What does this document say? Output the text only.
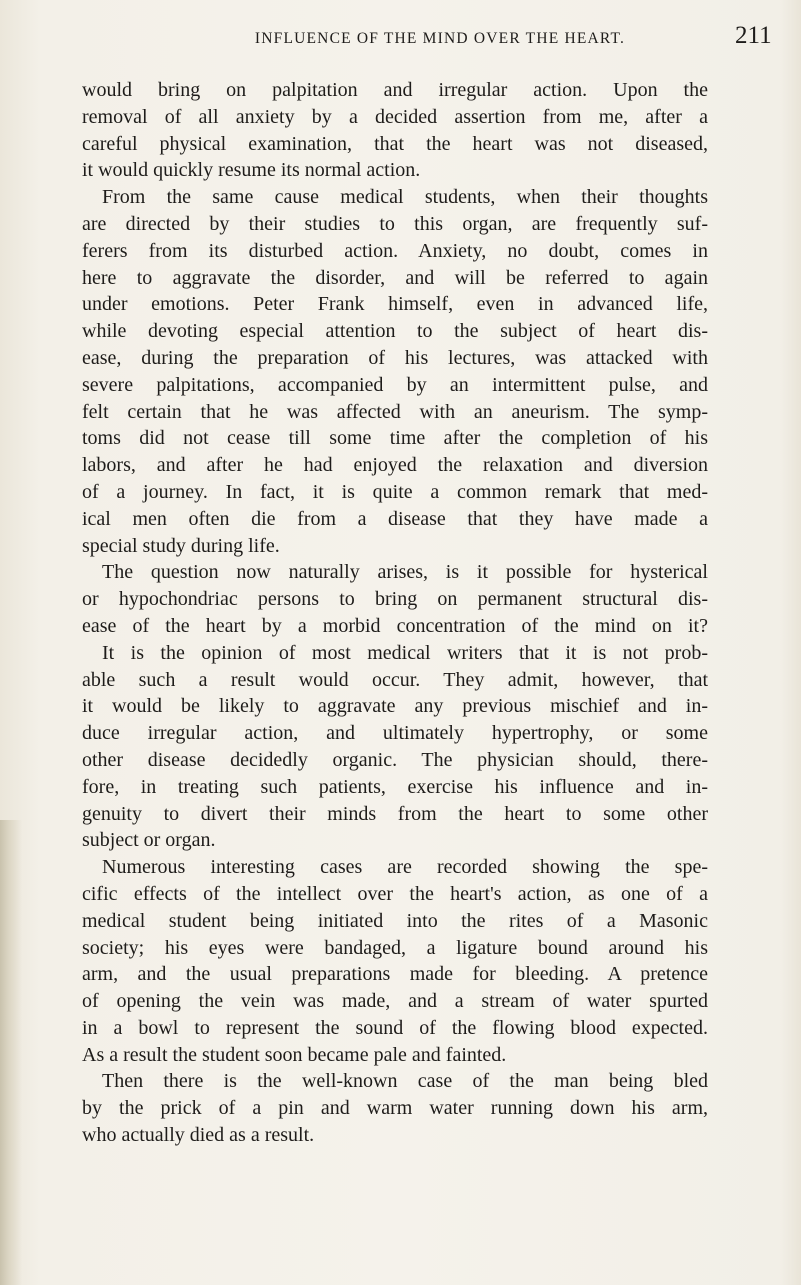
INFLUENCE OF THE MIND OVER THE HEART.	211
would bring on palpitation and irregular action. Upon the
removal of all anxiety by a decided assertion from me, after a
careful physical examination, that the heart was not diseased,
it would quickly resume its normal action.
From the same cause medical students, when their thoughts
are directed by their studies to this organ, are frequently suf-
ferers from its disturbed action. Anxiety, no doubt, comes in
here to aggravate the disorder, and will be referred to again
under emotions. Peter Frank himself, even in advanced life,
while devoting especial attention to the subject of heart dis-
ease, during the preparation of his lectures, was attacked with
severe palpitations, accompanied by an intermittent pulse, and
felt certain that he was affected with an aneurism. The symp-
toms did not cease till some time after the completion of his
labors, and after he had enjoyed the relaxation and diversion
of a journey. In fact, it is quite a common remark that med-
ical men often die from a disease that they have made a
special study during life.
The question now naturally arises, is it possible for hysterical
or hypochondriac persons to bring on permanent structural dis-
ease of the heart by a morbid concentration of the mind on it?
It is the opinion of most medical writers that it is not prob-
able such a result would occur. They admit, however, that
it would be likely to aggravate any previous mischief and in-
duce irregular action, and ultimately hypertrophy, or some
other disease decidedly organic. The physician should, there-
fore, in treating such patients, exercise his influence and in-
genuity to divert their minds from the heart to some other
subject or organ.
Numerous interesting cases are recorded showing the spe-
cific effects of the intellect over the heart's action, as one of a
medical student being initiated into the rites of a Masonic
society; his eyes were bandaged, a ligature bound around his
arm, and the usual preparations made for bleeding. A pretence
of opening the vein was made, and a stream of water spurted
in a bowl to represent the sound of the flowing blood expected.
As a result the student soon became pale and fainted.
Then there is the well-known case of the man being bled
by the prick of a pin and warm water running down his arm,
who actually died as a result.
